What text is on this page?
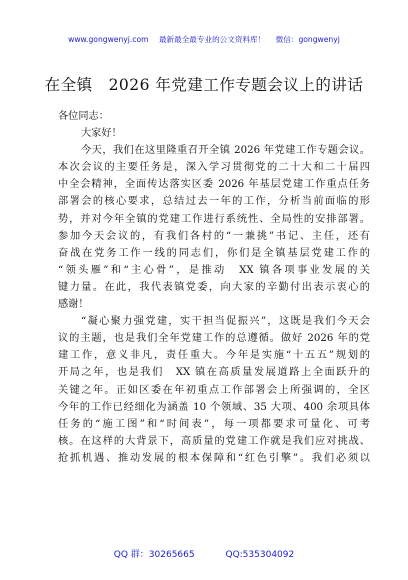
www.gongwenyj.com 最新最全最专业的公文资料库！ 微信：gongwenyj
在全镇　2026 年党建工作专题会议上的讲话

各位同志：

大家好！

今天，我们在这里隆重召开全镇 2026 年党建工作专题会议。

本次会议的主要任务是，深入学习贯彻党的二十大和二十届四

中全会精神，全面传达落实区委 2026 年基层党建工作重点任务

部署会的核心要求，总结过去一年的工作，分析当前面临的形

势，并对今年全镇的党建工作进行系统性、全局性的安排部署。

参加今天会议的，有我们各村的“一兼挑”书记、主任，还有

奋战在党务工作一线的同志们，你们是全镇基层党建工作的

“领头雁”和“主心骨”，是推动　XX 镇各项事业发展的关

键力量。在此，我代表镇党委，向大家的辛勤付出表示衷心的

感谢！

“凝心聚力强党建，实干担当促振兴”，这既是我们今天会

议的主题，也是我们全年党建工作的总遵循。做好 2026 年的党

建工作，意义非凡，责任重大。今年是实施“十五五”规划的

开局之年，也是我们　XX 镇在高质量发展道路上全面跃升的

关键之年。正如区委在年初重点工作部署会上所强调的，全区

今年的工作已经细化为涵盖 10 个领域、35 大项、400 余项具体

任务的“施工图”和“时间表”，每一项都要求可量化、可考

核。在这样的大背景下，高质量的党建工作就是我们应对挑战、

抢抓机遇、推动发展的根本保障和“红色引擎”。我们必须以

QQ 群：30265665	QQ:535304092
